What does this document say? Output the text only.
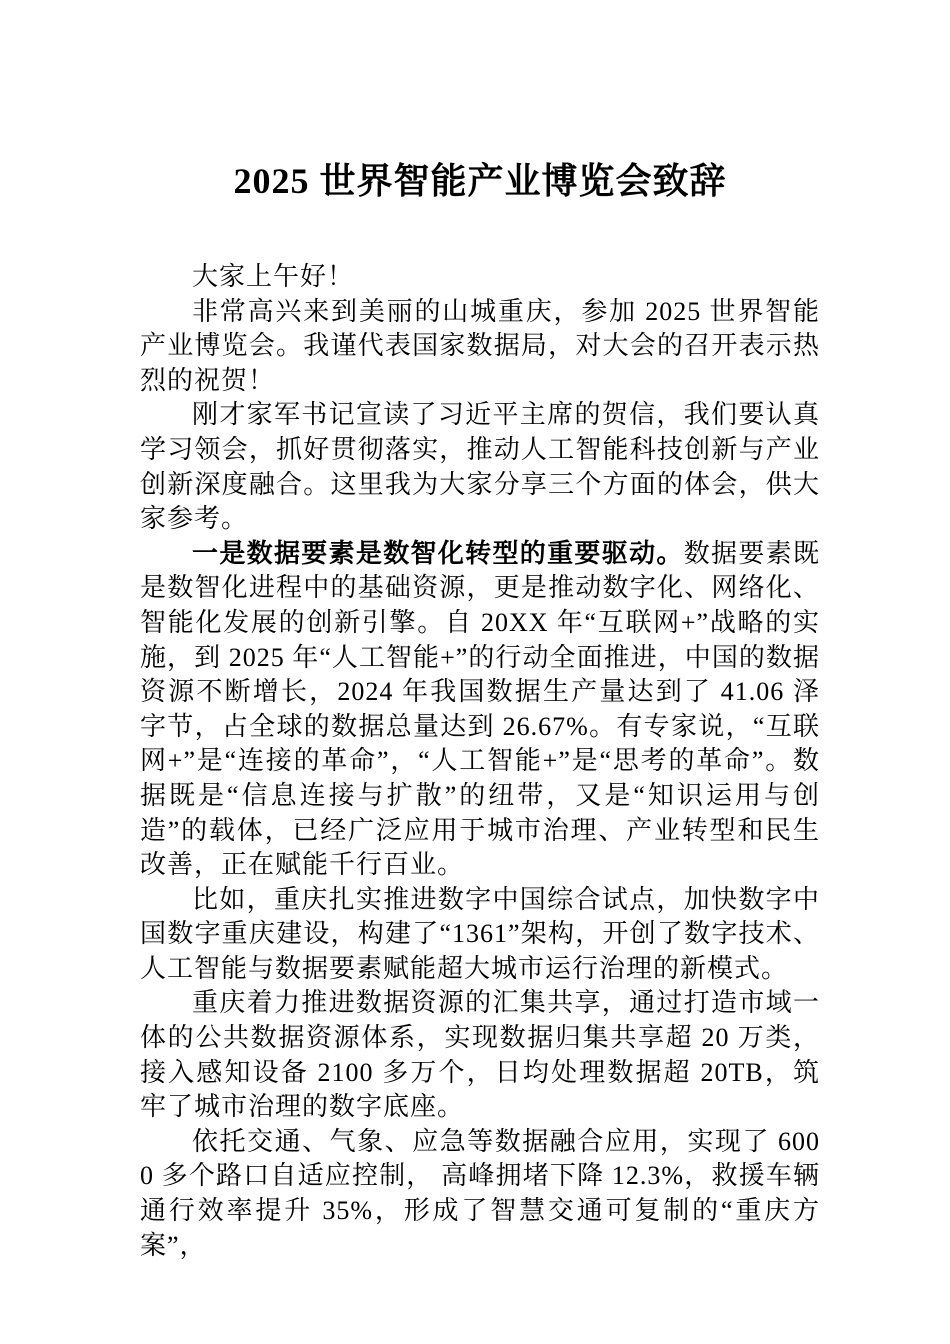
2025 世界智能产业博览会致辞

大家上午好！

非常高兴来到美丽的山城重庆，参加 2025 世界智能产业博览会。我谨代表国家数据局，对大会的召开表示热烈的祝贺！

刚才家军书记宣读了习近平主席的贺信，我们要认真学习领会，抓好贯彻落实，推动人工智能科技创新与产业创新深度融合。这里我为大家分享三个方面的体会，供大家参考。

一是数据要素是数智化转型的重要驱动。数据要素既是数智化进程中的基础资源，更是推动数字化、网络化、智能化发展的创新引擎。自 20XX 年“互联网+”战略的实施，到 2025 年“人工智能+”的行动全面推进，中国的数据资源不断增长，2024 年我国数据生产量达到了 41.06 泽字节，占全球的数据总量达到 26.67%。有专家说，“互联网+”是“连接的革命”，“人工智能+”是“思考的革命”。数据既是“信息连接与扩散”的纽带，又是“知识运用与创造”的载体，已经广泛应用于城市治理、产业转型和民生改善，正在赋能千行百业。

比如，重庆扎实推进数字中国综合试点，加快数字中国数字重庆建设，构建了“1361”架构，开创了数字技术、人工智能与数据要素赋能超大城市运行治理的新模式。

重庆着力推进数据资源的汇集共享，通过打造市域一体的公共数据资源体系，实现数据归集共享超 20 万类，接入感知设备 2100 多万个，日均处理数据超 20TB，筑牢了城市治理的数字底座。

依托交通、气象、应急等数据融合应用，实现了 6000 多个路口自适应控制， 高峰拥堵下降 12.3%，救援车辆通行效率提升 35%，形成了智慧交通可复制的“重庆方案”，
